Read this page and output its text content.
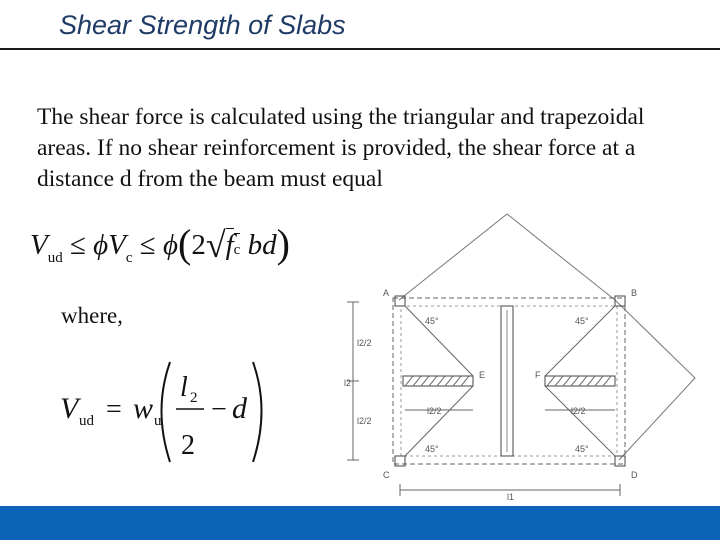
Shear Strength of Slabs
The shear force is calculated using the triangular and trapezoidal areas. If no shear reinforcement is provided, the shear force at a distance d from the beam must equal
$V_{ud} \le \phi V_c \le \phi(2√fc$ bd)
where,
V ud = w u
l 2
2
− d
A	B
C	D
E	F
45°	45°
45°	45°
l2/2
l2
l2/2
l2/2	l2/2
l1
